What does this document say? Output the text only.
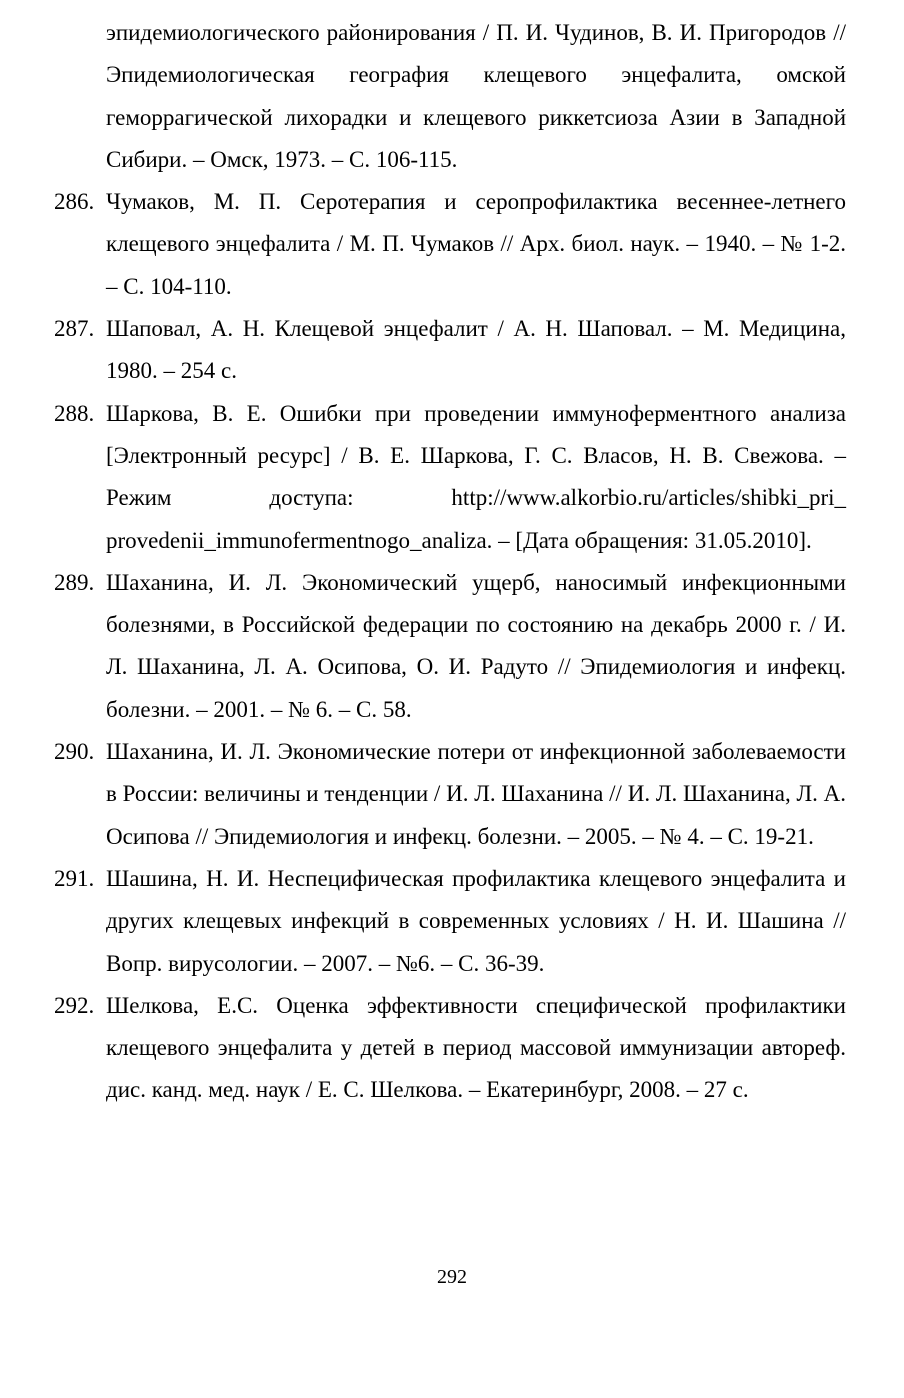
эпидемиологического районирования / П. И. Чудинов, В. И. Пригородов // Эпидемиологическая география клещевого энцефалита, омской геморрагической лихорадки и клещевого риккетсиоза Азии в Западной Сибири. – Омск, 1973. – С. 106-115.
286. Чумаков, М. П. Серотерапия и серопрофилактика весеннее-летнего клещевого энцефалита / М. П. Чумаков // Арх. биол. наук. – 1940. – № 1-2. – С. 104-110.
287. Шаповал, А. Н. Клещевой энцефалит / А. Н. Шаповал. – М. Медицина, 1980. – 254 с.
288. Шаркова, В. Е. Ошибки при проведении иммуноферментного анализа [Электронный ресурс] / В. Е. Шаркова, Г. С. Власов, Н. В. Свежова. – Режим доступа: http://www.alkorbio.ru/articles/shibki_pri_ provedenii_immunofermentnogo_analiza. – [Дата обращения: 31.05.2010].
289. Шаханина, И. Л. Экономический ущерб, наносимый инфекционными болезнями, в Российской федерации по состоянию на декабрь 2000 г. / И. Л. Шаханина, Л. А. Осипова, О. И. Радуто // Эпидемиология и инфекц. болезни. – 2001. – № 6. – С. 58.
290. Шаханина, И. Л. Экономические потери от инфекционной заболеваемости в России: величины и тенденции / И. Л. Шаханина // И. Л. Шаханина, Л. А. Осипова // Эпидемиология и инфекц. болезни. – 2005. – № 4. – С. 19-21.
291. Шашина, Н. И. Неспецифическая профилактика клещевого энцефалита и других клещевых инфекций в современных условиях / Н. И. Шашина // Вопр. вирусологии. – 2007. – №6. – С. 36-39.
292. Шелкова, Е.С. Оценка эффективности специфической профилактики клещевого энцефалита у детей в период массовой иммунизации автореф. дис. канд. мед. наук / Е. С. Шелкова. – Екатеринбург, 2008. – 27 с.
292
